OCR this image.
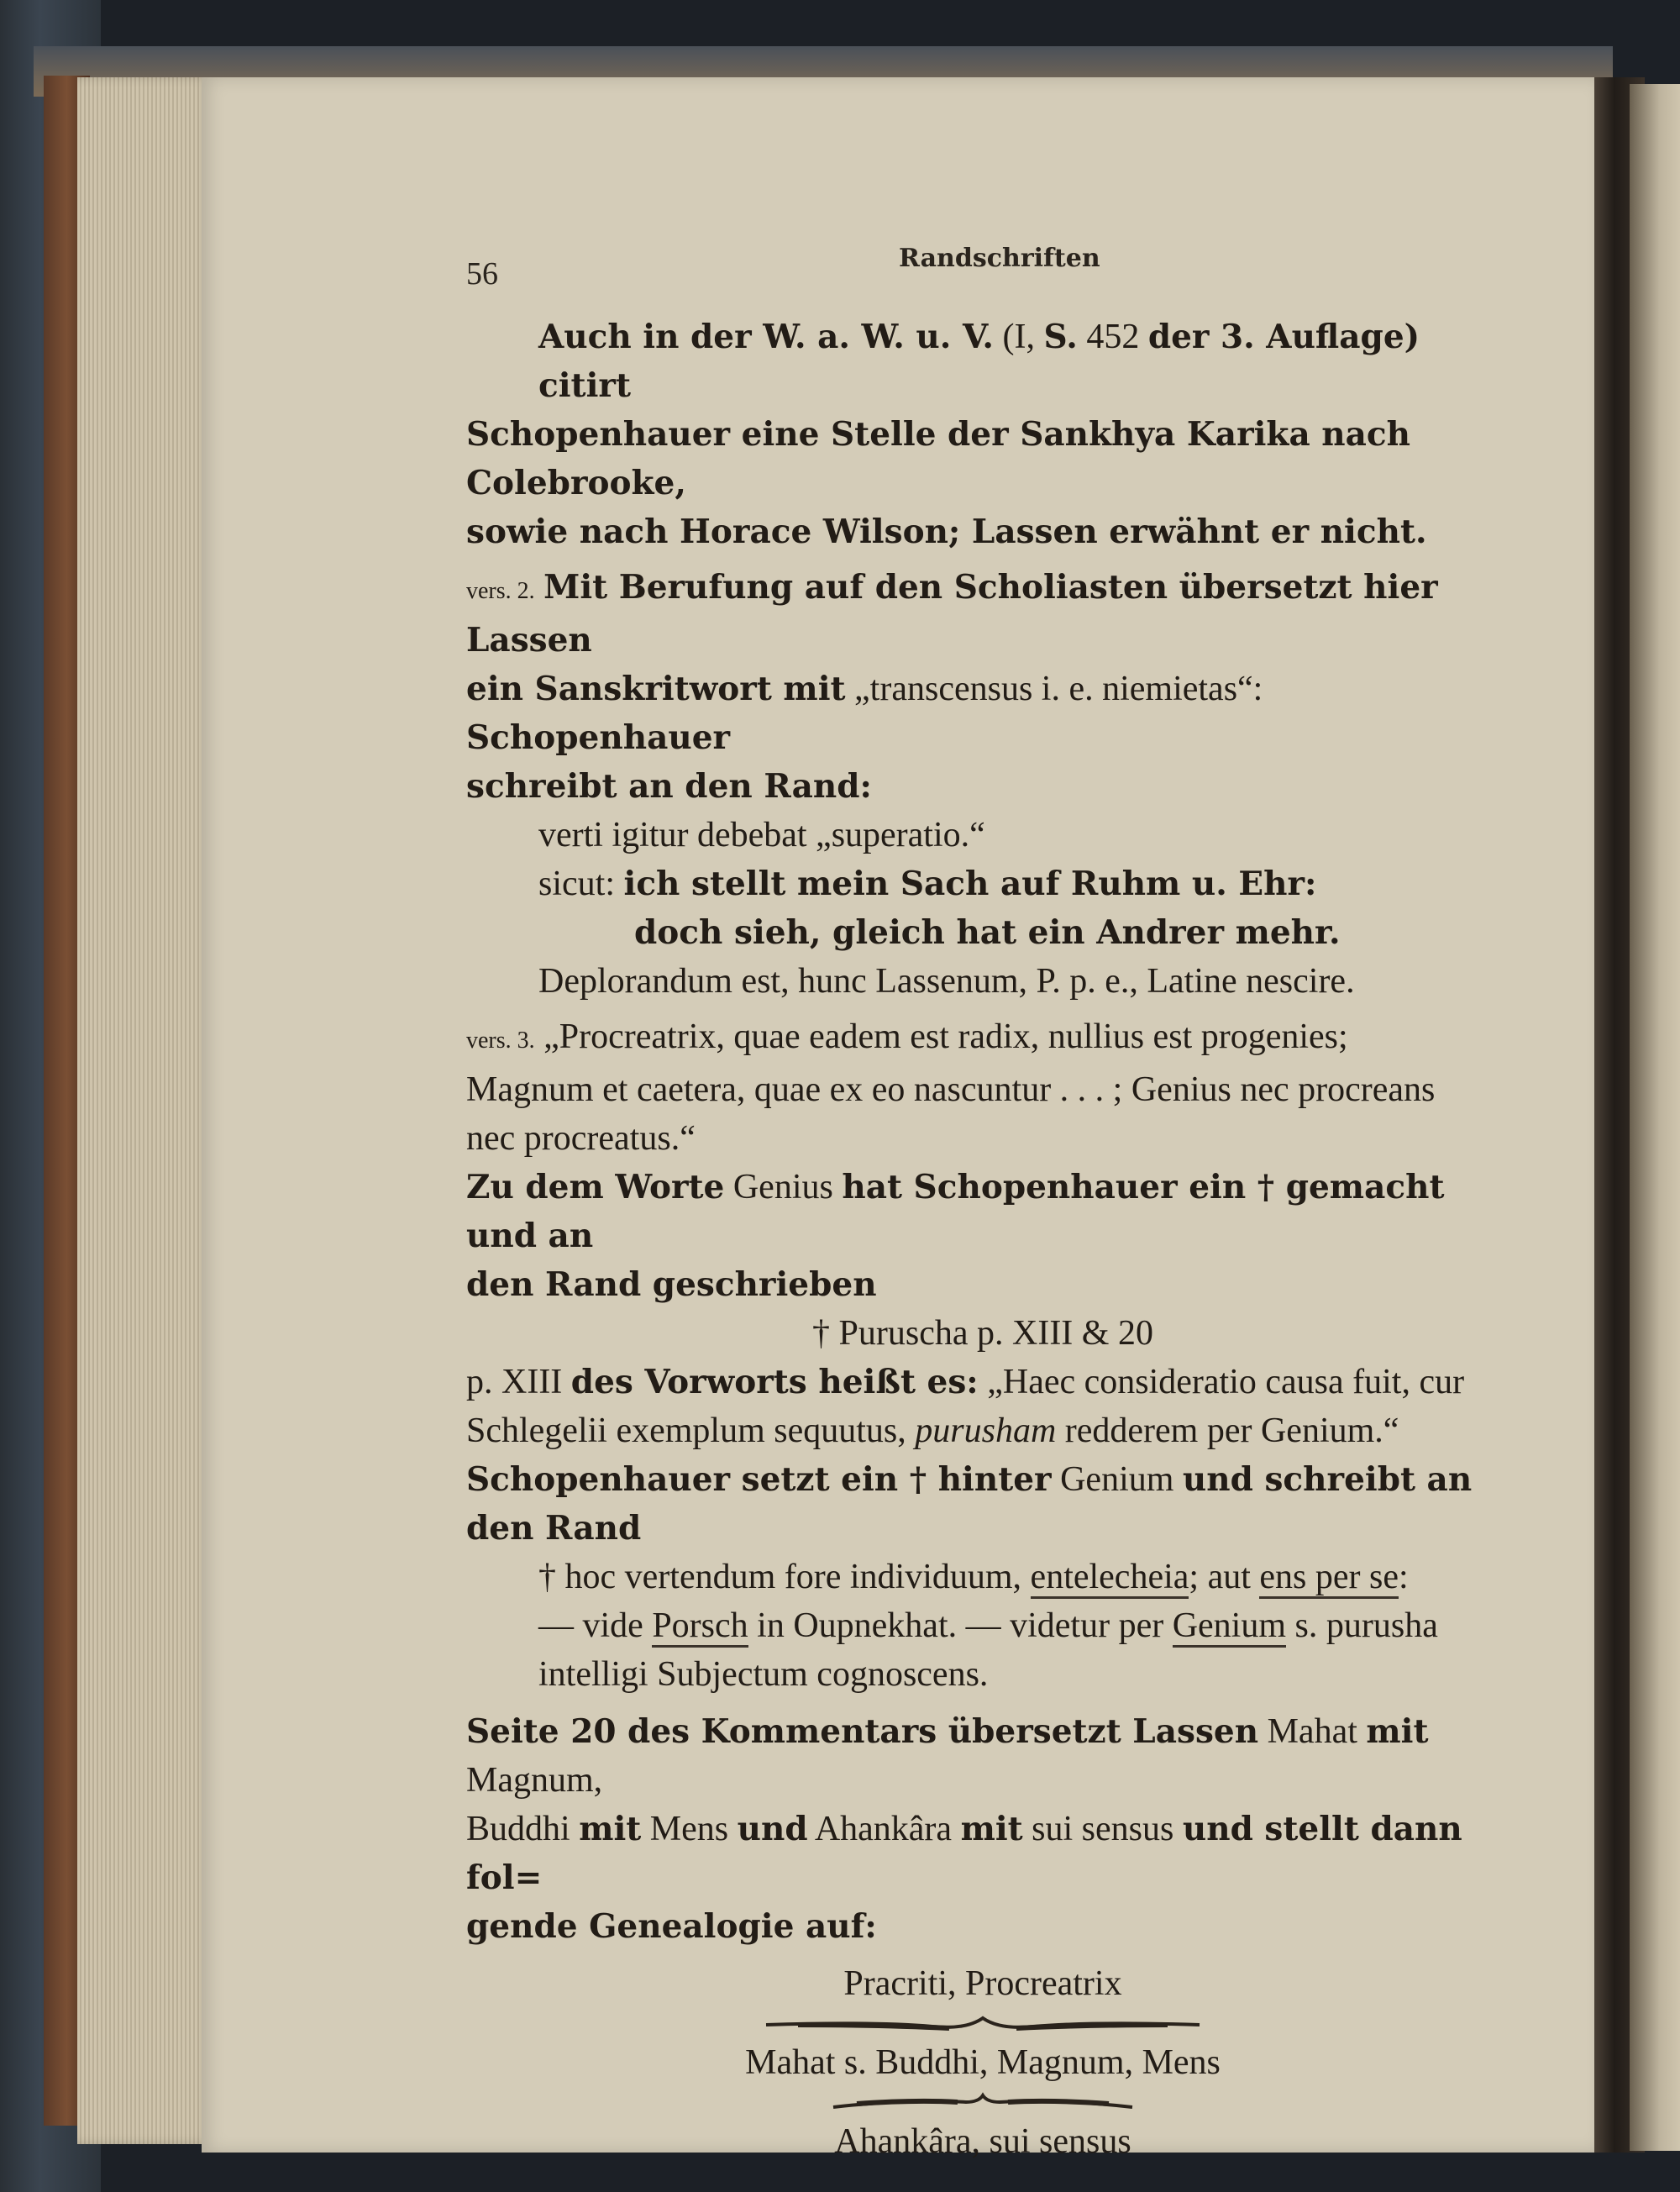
56	Randschriften

Auch in der W. a. W. u. V. (I, S. 452 der 3. Auflage) citirt

Schopenhauer eine Stelle der Sankhya Karika nach Colebrooke,

sowie nach Horace Wilson; Lassen erwähnt er nicht.

vers. 2. Mit Berufung auf den Scholiasten übersetzt hier Lassen

ein Sanskritwort mit „transcensus i. e. niemietas“: Schopenhauer

schreibt an den Rand:

verti igitur debebat „superatio.“

sicut: ich stellt mein Sach auf Ruhm u. Ehr:

doch sieh, gleich hat ein Andrer mehr.

Deplorandum est, hunc Lassenum, P. p. e., Latine nescire.

vers. 3. „Procreatrix, quae eadem est radix, nullius est progenies;

Magnum et caetera, quae ex eo nascuntur . . . ; Genius nec procreans

nec procreatus.“

Zu dem Worte Genius hat Schopenhauer ein † gemacht und an

den Rand geschrieben

† Puruscha p. XIII & 20

p. XIII des Vorworts heißt es: „Haec consideratio causa fuit, cur

Schlegelii exemplum sequutus, purusham redderem per Genium.“

Schopenhauer setzt ein † hinter Genium und schreibt an den Rand

† hoc vertendum fore individuum, entelecheia; aut ens per se:

— vide Porsch in Oupnekhat. — videtur per Genium s. purusha

intelligi Subjectum cognoscens.

Seite 20 des Kommentars übersetzt Lassen Mahat mit Magnum,

Buddhi mit Mens und Ahankâra mit sui sensus und stellt dann fol=

gende Genealogie auf:

Pracriti, Procreatrix
Mahat s. Buddhi, Magnum, Mens
Ahankâra, sui sensus
